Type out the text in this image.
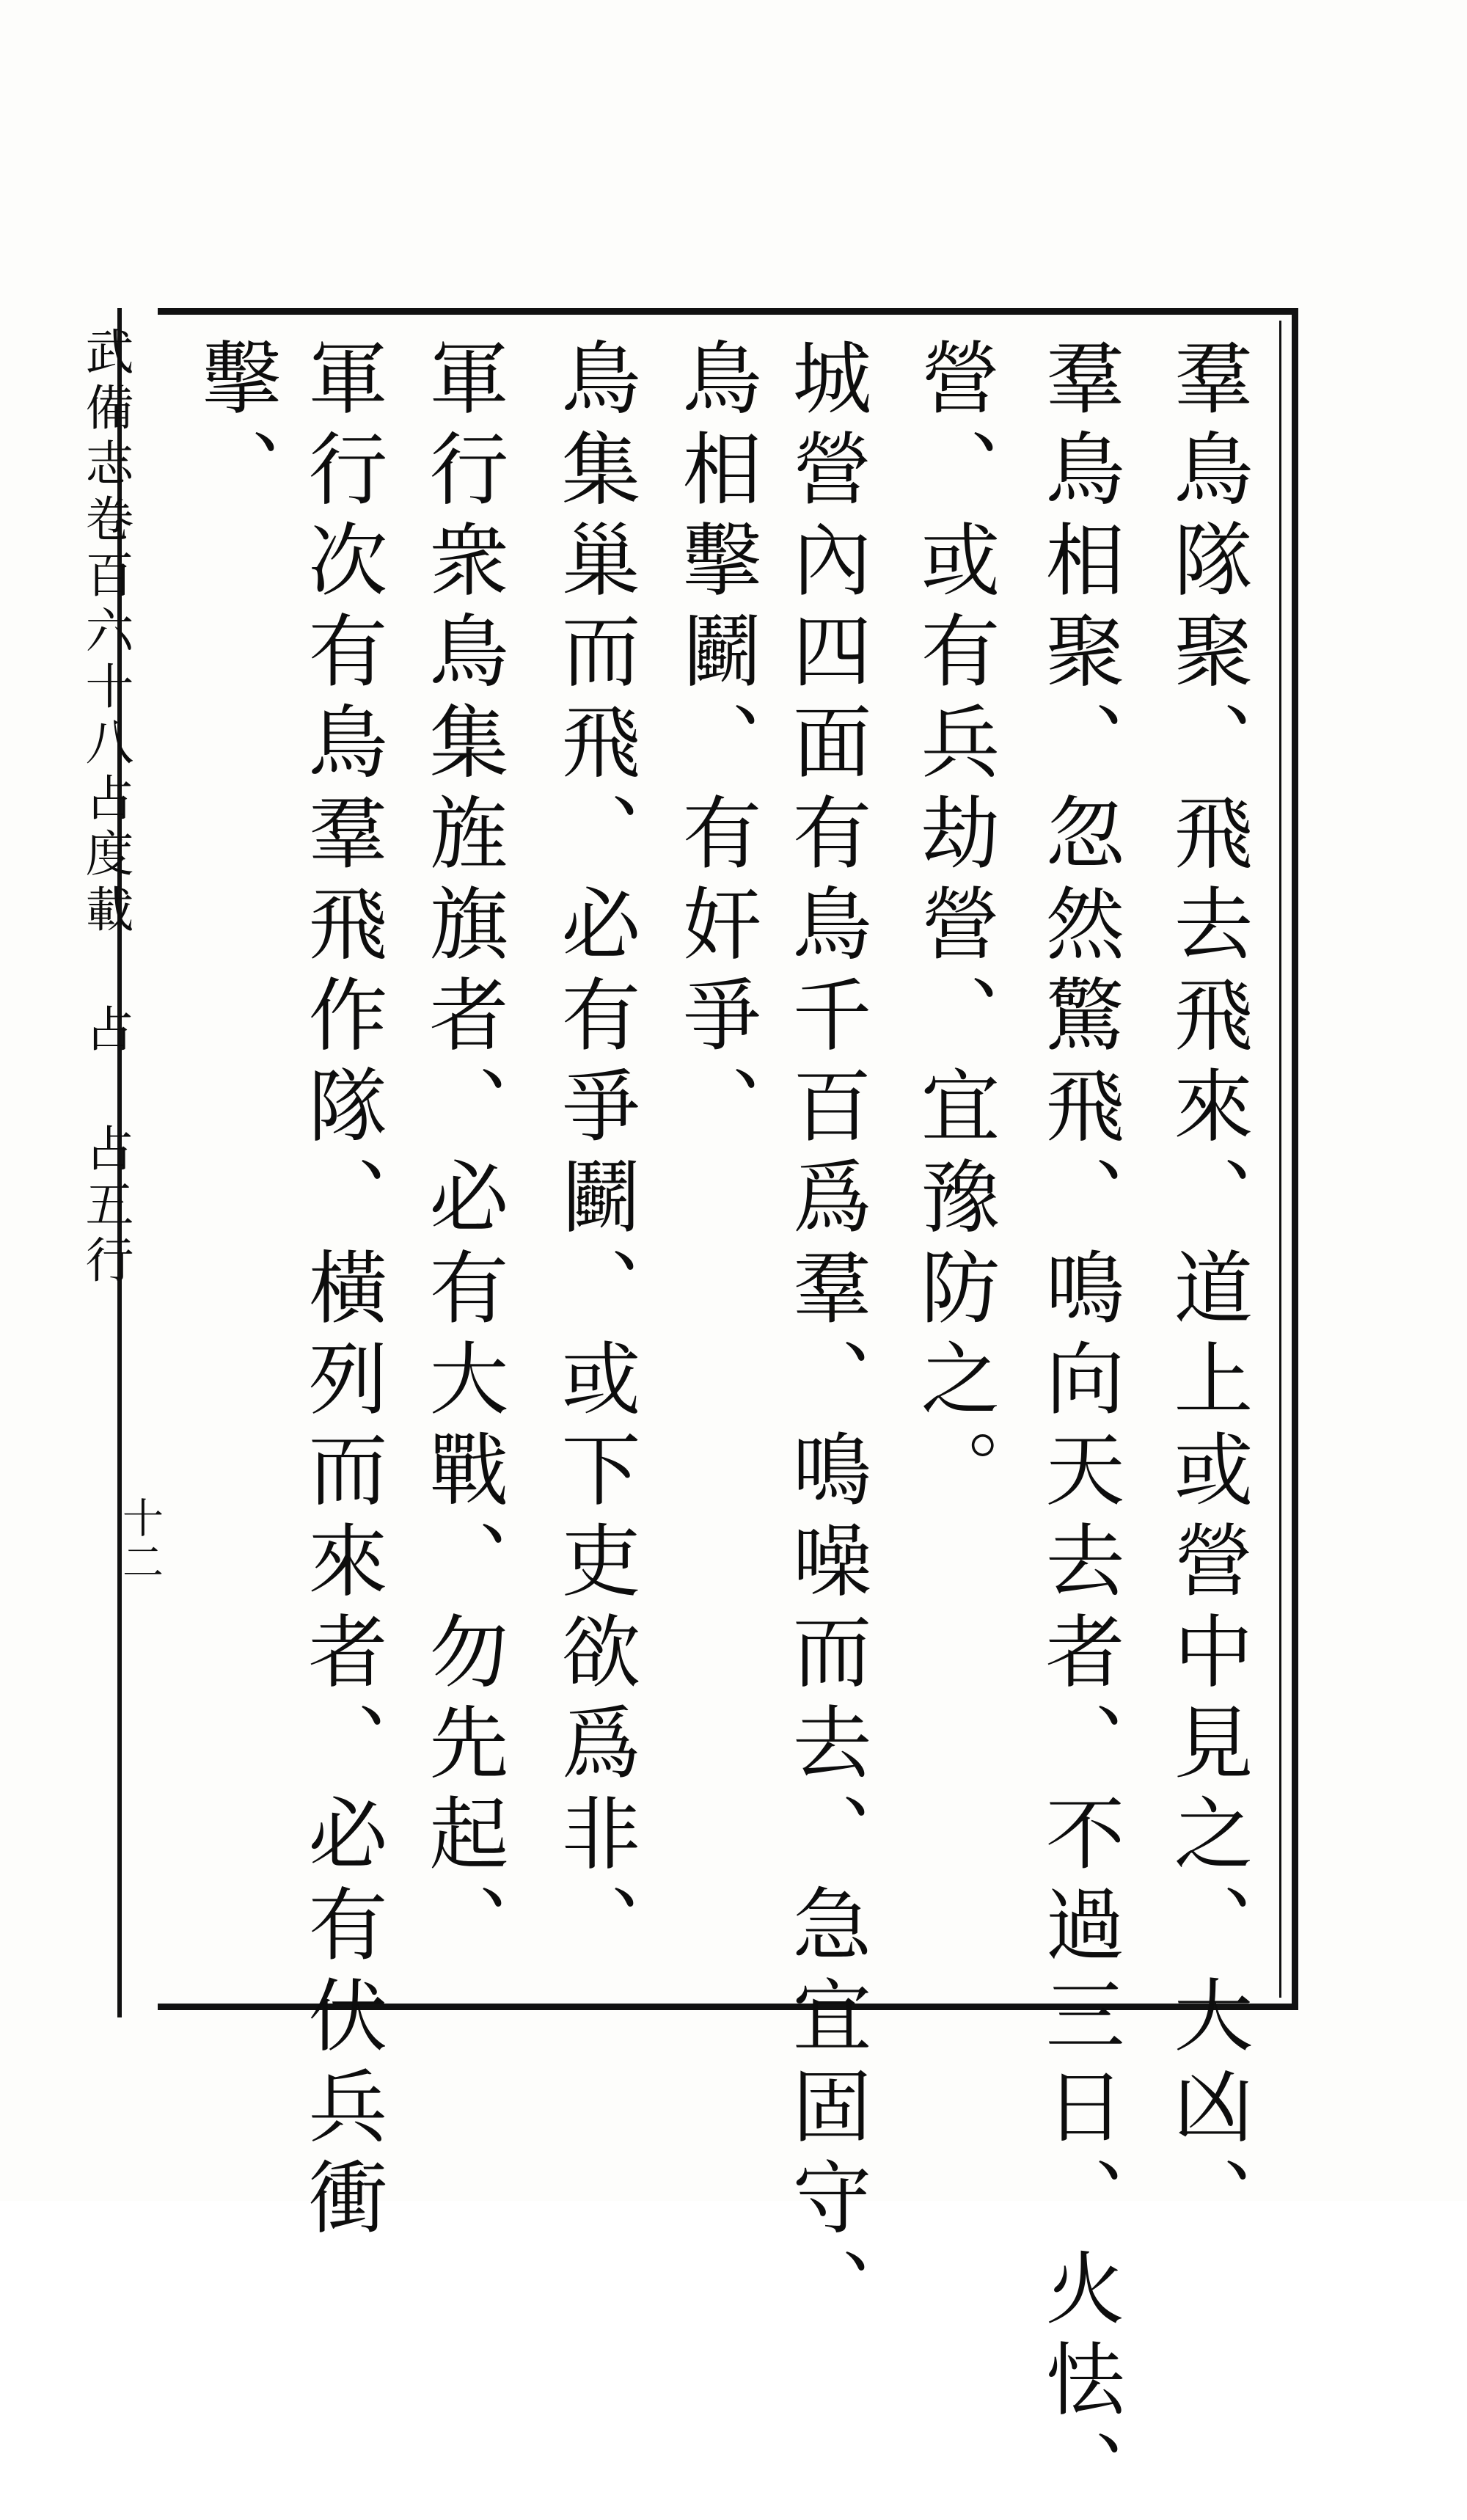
武備志卷百六十八占度載 占 占五行
十二	羣鳥隊聚、飛去飛來、道上或營中見之、大凶、
羣鳥相聚、忽然驚飛、鳴向天去者、不過三日、火怯、
營、或有兵劫營、宜豫防之。
城營內四面有鳥千百爲羣、鳴噪而去、急宜固守、
鳥相擊鬬、有奸爭、
鳥集巢而飛、必有爭鬬、或下吏欲爲非、
軍行衆鳥集旌旗者、必有大戰、勿先起、
軍行次有鳥羣飛作隊、橫列而來者、必有伏兵衝
擊、
